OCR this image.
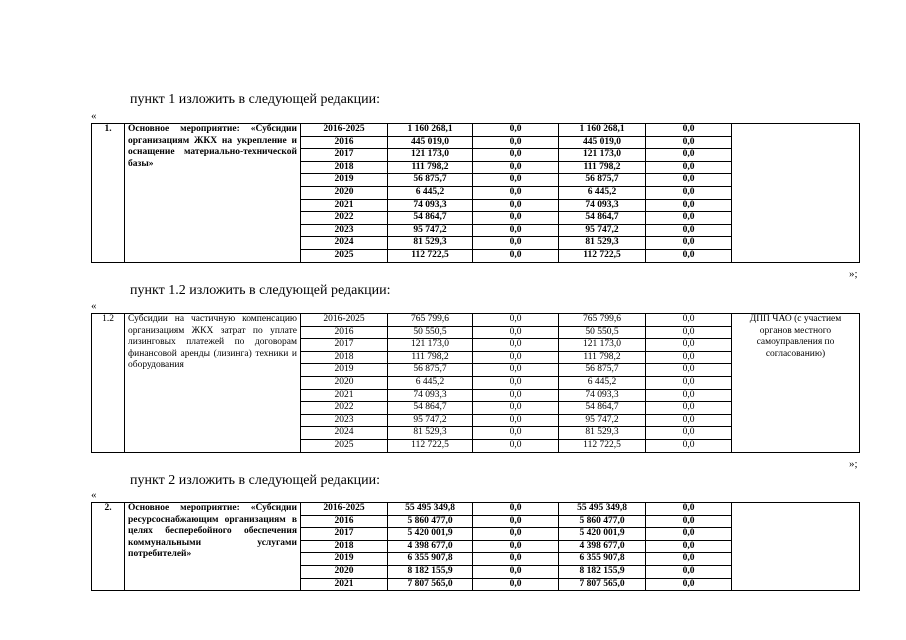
пункт 1 изложить в следующей редакции:
«
1.	Основное мероприятие: «Субсидии организациям ЖКХ на укрепление и оснащение материально-технической базы»	2016-2025	1 160 268,1	0,0	1 160 268,1	0,0	
		2016	445 019,0	0,0	445 019,0	0,0	
		2017	121 173,0	0,0	121 173,0	0,0	
		2018	111 798,2	0,0	111 798,2	0,0	
		2019	56 875,7	0,0	56 875,7	0,0	
		2020	6 445,2	0,0	6 445,2	0,0	
		2021	74 093,3	0,0	74 093,3	0,0	
		2022	54 864,7	0,0	54 864,7	0,0	
		2023	95 747,2	0,0	95 747,2	0,0	
		2024	81 529,3	0,0	81 529,3	0,0	
		2025	112 722,5	0,0	112 722,5	0,0	
»;
пункт 1.2 изложить в следующей редакции:
«
1.2	Субсидии на частичную компенсацию организациям ЖКХ затрат по уплате лизинговых платежей по договорам финансовой аренды (лизинга) техники и оборудования	2016-2025	765 799,6	0,0	765 799,6	0,0	ДПП ЧАО (с участием органов местного самоуправления по согласованию)
		2016	50 550,5	0,0	50 550,5	0,0	
		2017	121 173,0	0,0	121 173,0	0,0	
		2018	111 798,2	0,0	111 798,2	0,0	
		2019	56 875,7	0,0	56 875,7	0,0	
		2020	6 445,2	0,0	6 445,2	0,0	
		2021	74 093,3	0,0	74 093,3	0,0	
		2022	54 864,7	0,0	54 864,7	0,0	
		2023	95 747,2	0,0	95 747,2	0,0	
		2024	81 529,3	0,0	81 529,3	0,0	
		2025	112 722,5	0,0	112 722,5	0,0	
»;
пункт 2 изложить в следующей редакции:
«
2.	Основное мероприятие: «Субсидии ресурсоснабжающим организациям в целях бесперебойного обеспечения коммунальными услугами потребителей»	2016-2025	55 495 349,8	0,0	55 495 349,8	0,0	
		2016	5 860 477,0	0,0	5 860 477,0	0,0	
		2017	5 420 001,9	0,0	5 420 001,9	0,0	
		2018	4 398 677,0	0,0	4 398 677,0	0,0	
		2019	6 355 907,8	0,0	6 355 907,8	0,0	
		2020	8 182 155,9	0,0	8 182 155,9	0,0	
		2021	7 807 565,0	0,0	7 807 565,0	0,0	
